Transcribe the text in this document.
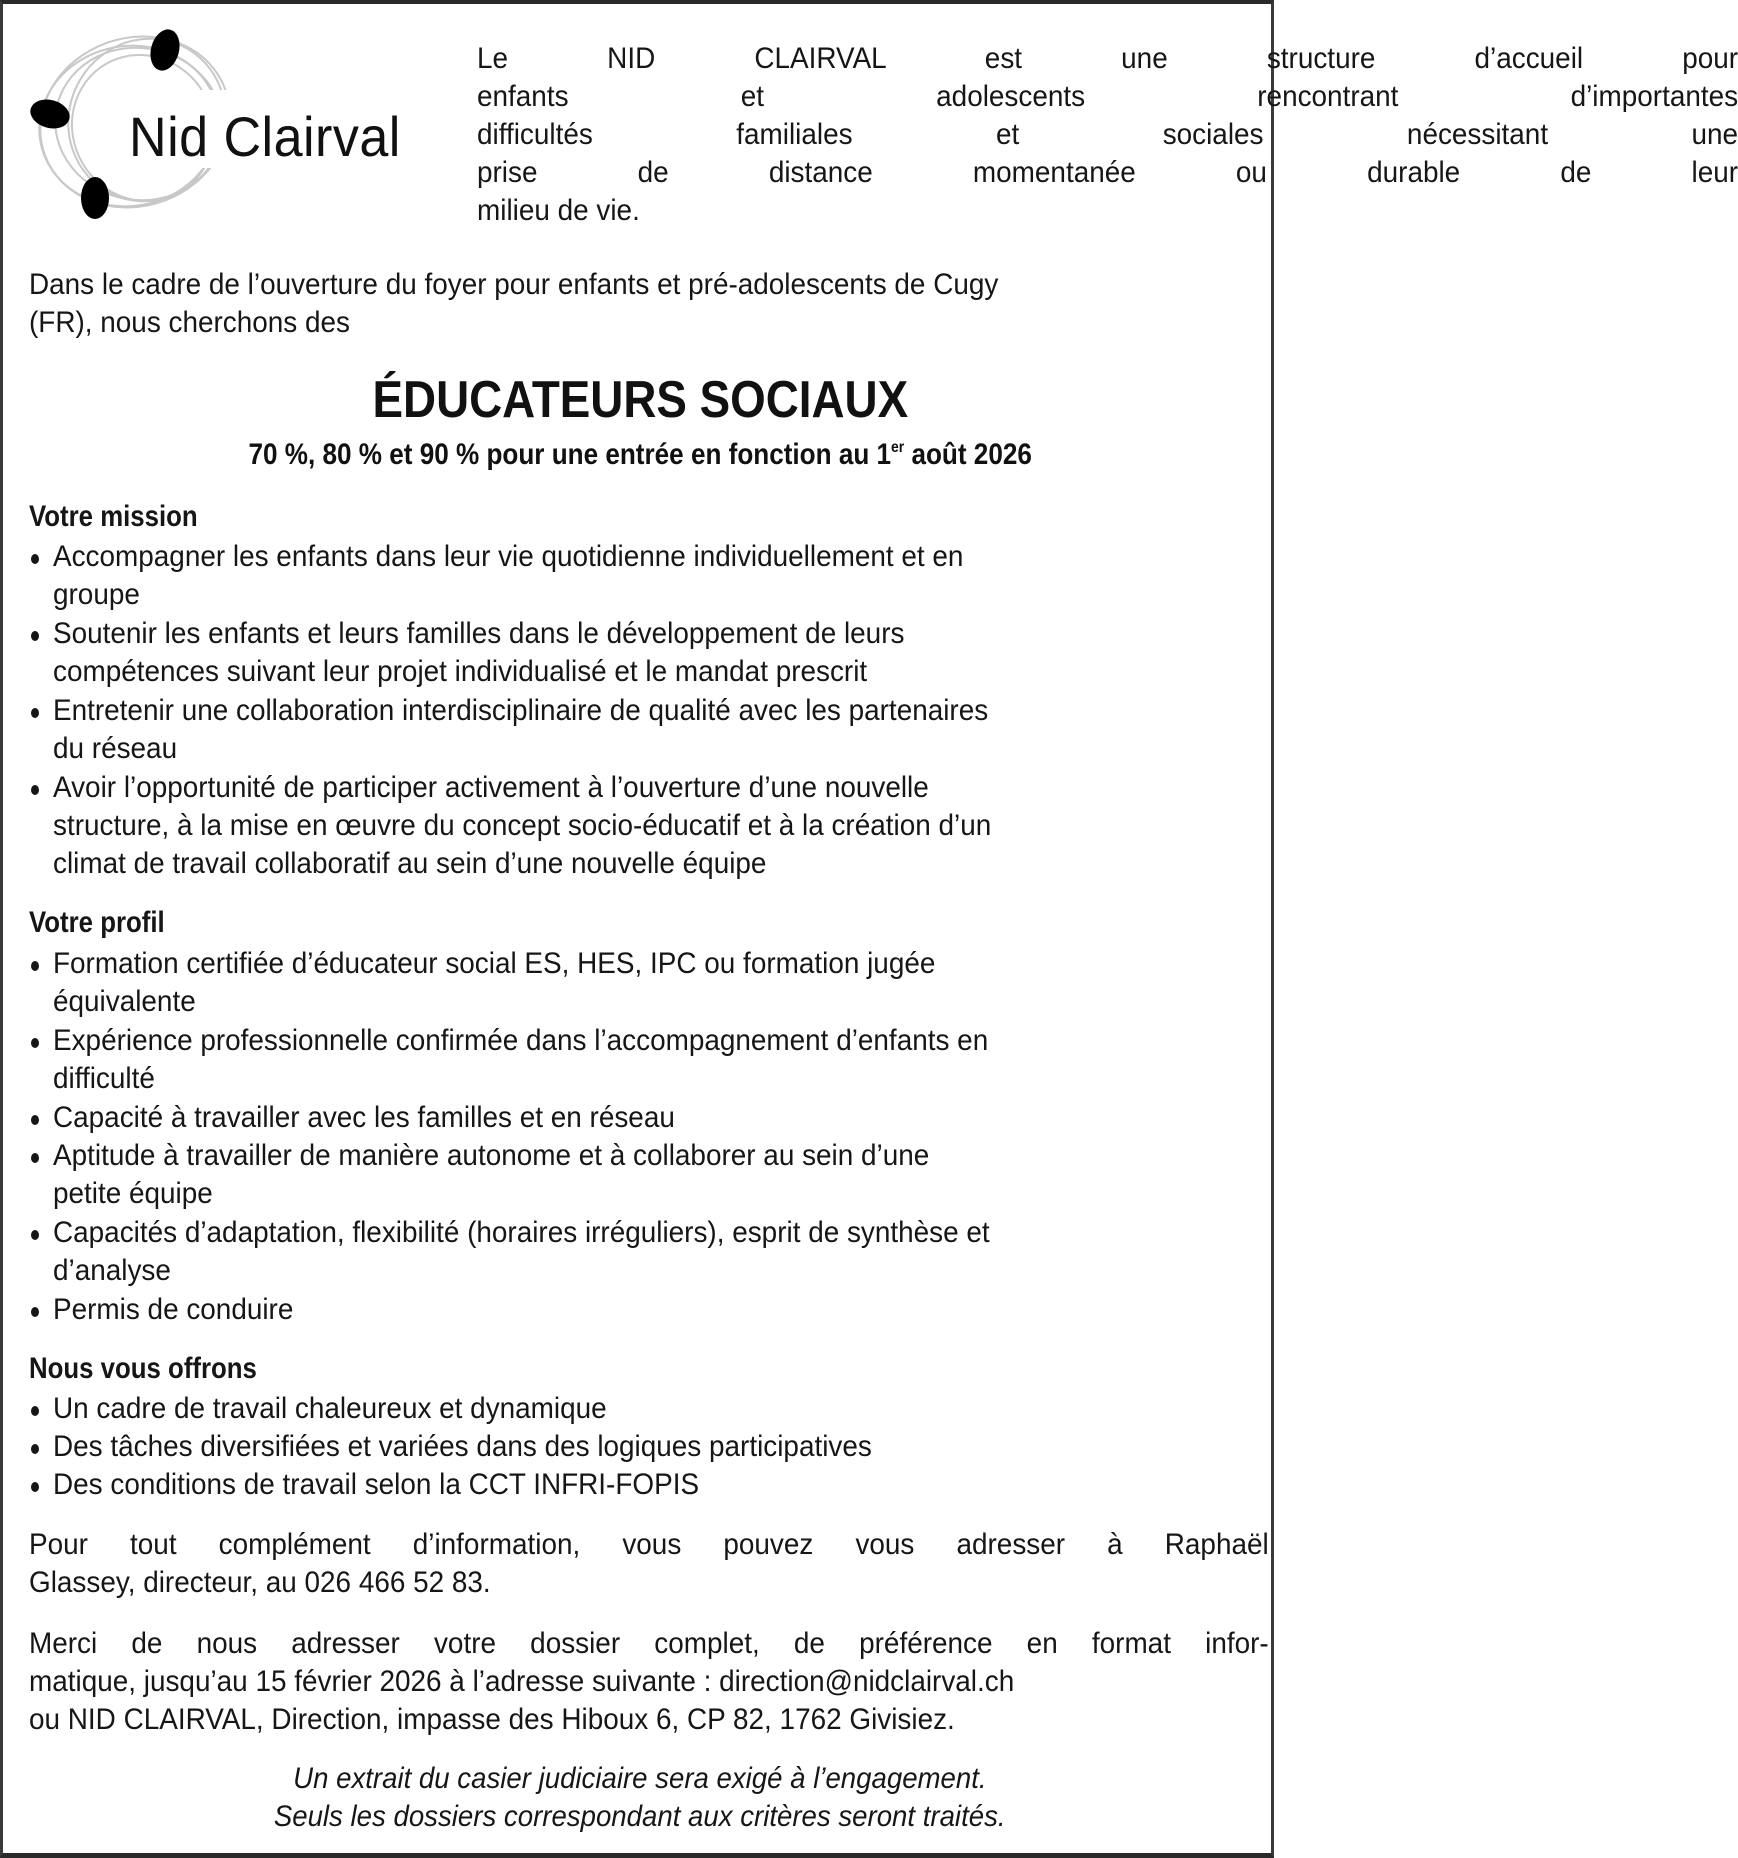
Nid Clairval
Le NID CLAIRVAL est une structure d’accueil pour
enfants et adolescents rencontrant d’importantes
difficultés familiales et sociales nécessitant une
prise de distance momentanée ou durable de leur
milieu de vie.
Dans le cadre de l’ouverture du foyer pour enfants et pré-adolescents de Cugy
(FR), nous cherchons des
ÉDUCATEURS SOCIAUX
70 %, 80 % et 90 % pour une entrée en fonction au 1er août 2026
Votre mission
Accompagner les enfants dans leur vie quotidienne individuellement et en
groupe
Soutenir les enfants et leurs familles dans le développement de leurs
compétences suivant leur projet individualisé et le mandat prescrit
Entretenir une collaboration interdisciplinaire de qualité avec les partenaires
du réseau
Avoir l’opportunité de participer activement à l’ouverture d’une nouvelle
structure, à la mise en œuvre du concept socio-éducatif et à la création d’un
climat de travail collaboratif au sein d’une nouvelle équipe
Votre profil
Formation certifiée d’éducateur social ES, HES, IPC ou formation jugée
équivalente
Expérience professionnelle confirmée dans l’accompagnement d’enfants en
difficulté
Capacité à travailler avec les familles et en réseau
Aptitude à travailler de manière autonome et à collaborer au sein d’une
petite équipe
Capacités d’adaptation, flexibilité (horaires irréguliers), esprit de synthèse et
d’analyse
Permis de conduire
Nous vous offrons
Un cadre de travail chaleureux et dynamique
Des tâches diversifiées et variées dans des logiques participatives
Des conditions de travail selon la CCT INFRI-FOPIS
Pour tout complément d’information, vous pouvez vous adresser à Raphaël
Glassey, directeur, au 026 466 52 83.
Merci de nous adresser votre dossier complet, de préférence en format infor-
matique, jusqu’au 15 février 2026 à l’adresse suivante : direction@nidclairval.ch
ou NID CLAIRVAL, Direction, impasse des Hiboux 6, CP 82, 1762 Givisiez.
Un extrait du casier judiciaire sera exigé à l’engagement.
Seuls les dossiers correspondant aux critères seront traités.
